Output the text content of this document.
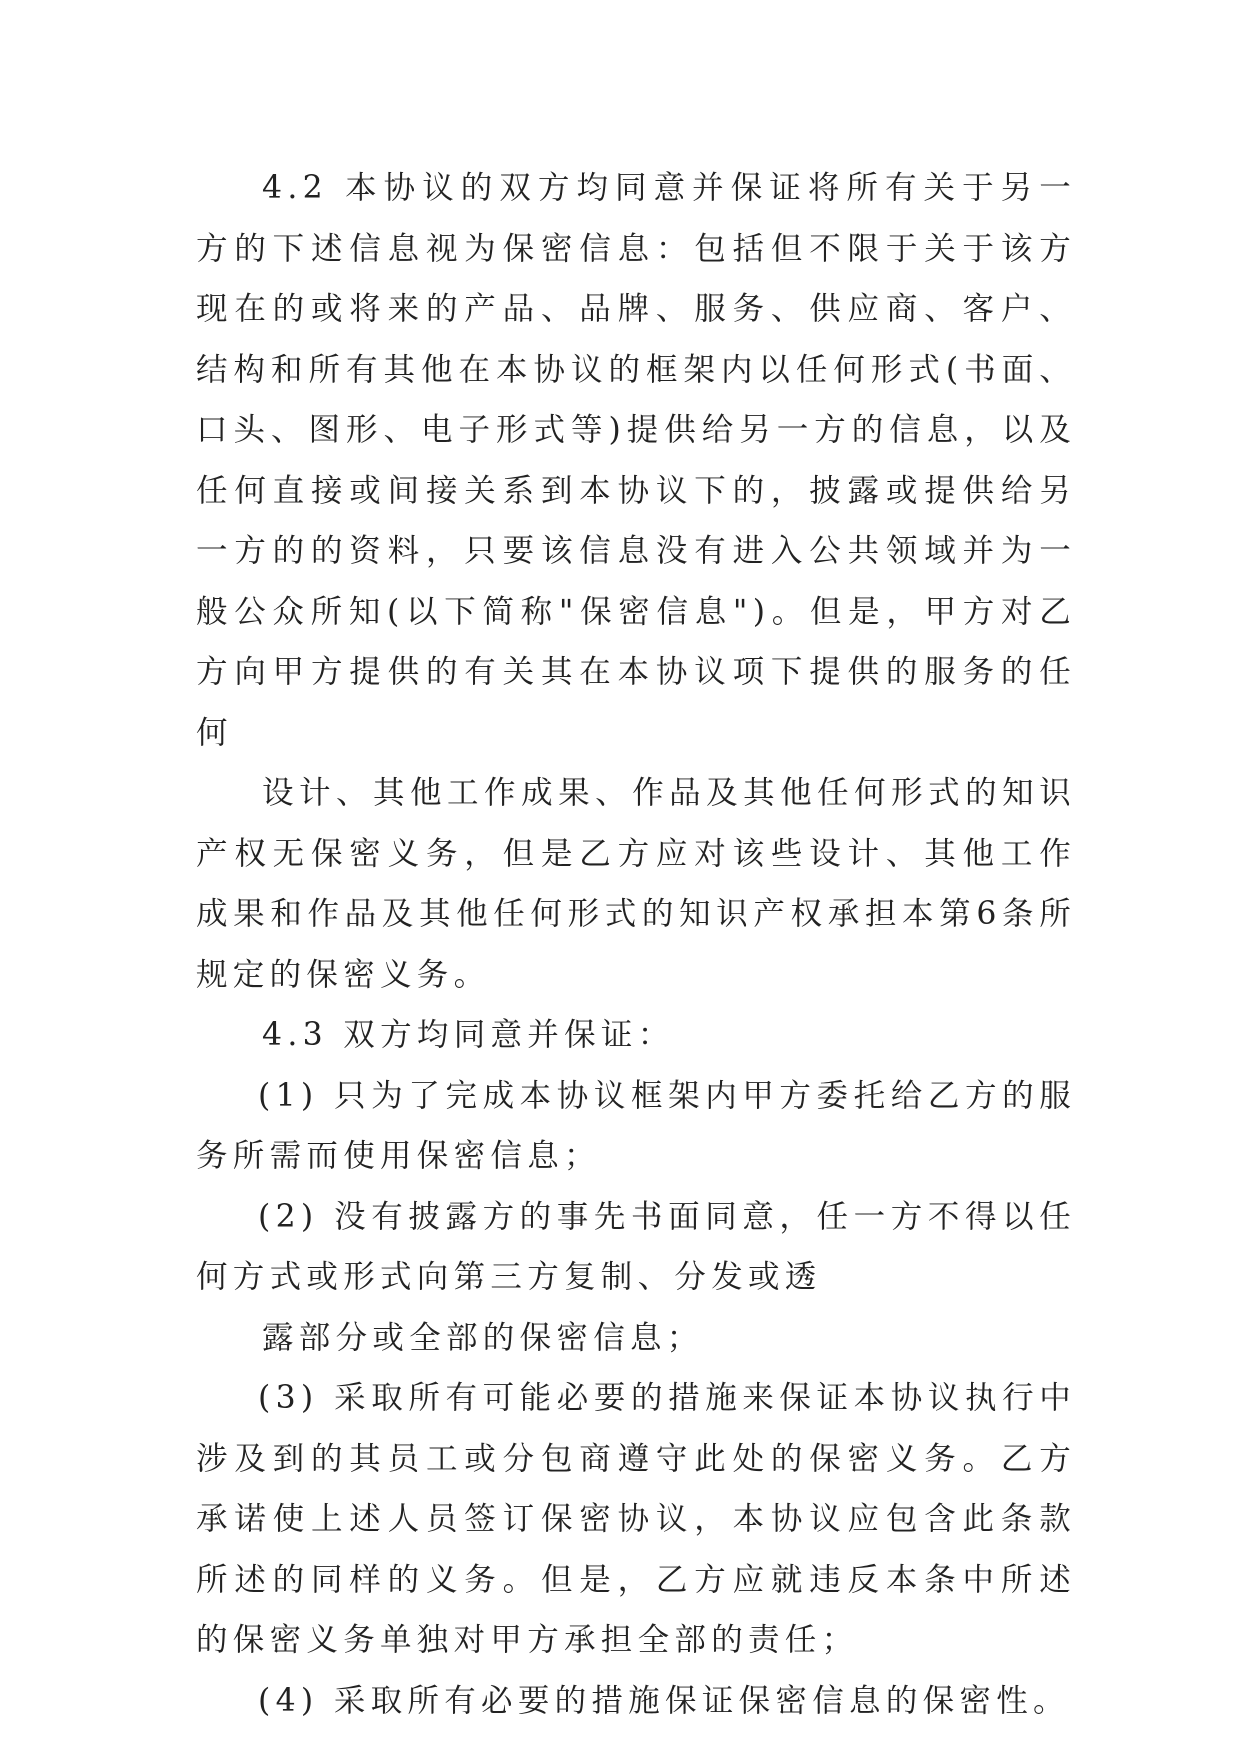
4.2 本协议的双方均同意并保证将所有关于另一方的下述信息视为保密信息：包括但不限于关于该方现在的或将来的产品、品牌、服务、供应商、客户、结构和所有其他在本协议的框架内以任何形式(书面、口头、图形、电子形式等)提供给另一方的信息，以及任何直接或间接关系到本协议下的，披露或提供给另一方的的资料，只要该信息没有进入公共领域并为一般公众所知(以下简称"保密信息")。但是，甲方对乙方向甲方提供的有关其在本协议项下提供的服务的任何

设计、其他工作成果、作品及其他任何形式的知识产权无保密义务，但是乙方应对该些设计、其他工作成果和作品及其他任何形式的知识产权承担本第6条所规定的保密义务。

4.3 双方均同意并保证：

(1) 只为了完成本协议框架内甲方委托给乙方的服务所需而使用保密信息；

(2) 没有披露方的事先书面同意，任一方不得以任何方式或形式向第三方复制、分发或透

露部分或全部的保密信息；

(3) 采取所有可能必要的措施来保证本协议执行中涉及到的其员工或分包商遵守此处的保密义务。乙方承诺使上述人员签订保密协议，本协议应包含此条款所述的同样的义务。但是，乙方应就违反本条中所述的保密义务单独对甲方承担全部的责任；

(4) 采取所有必要的措施保证保密信息的保密性。
